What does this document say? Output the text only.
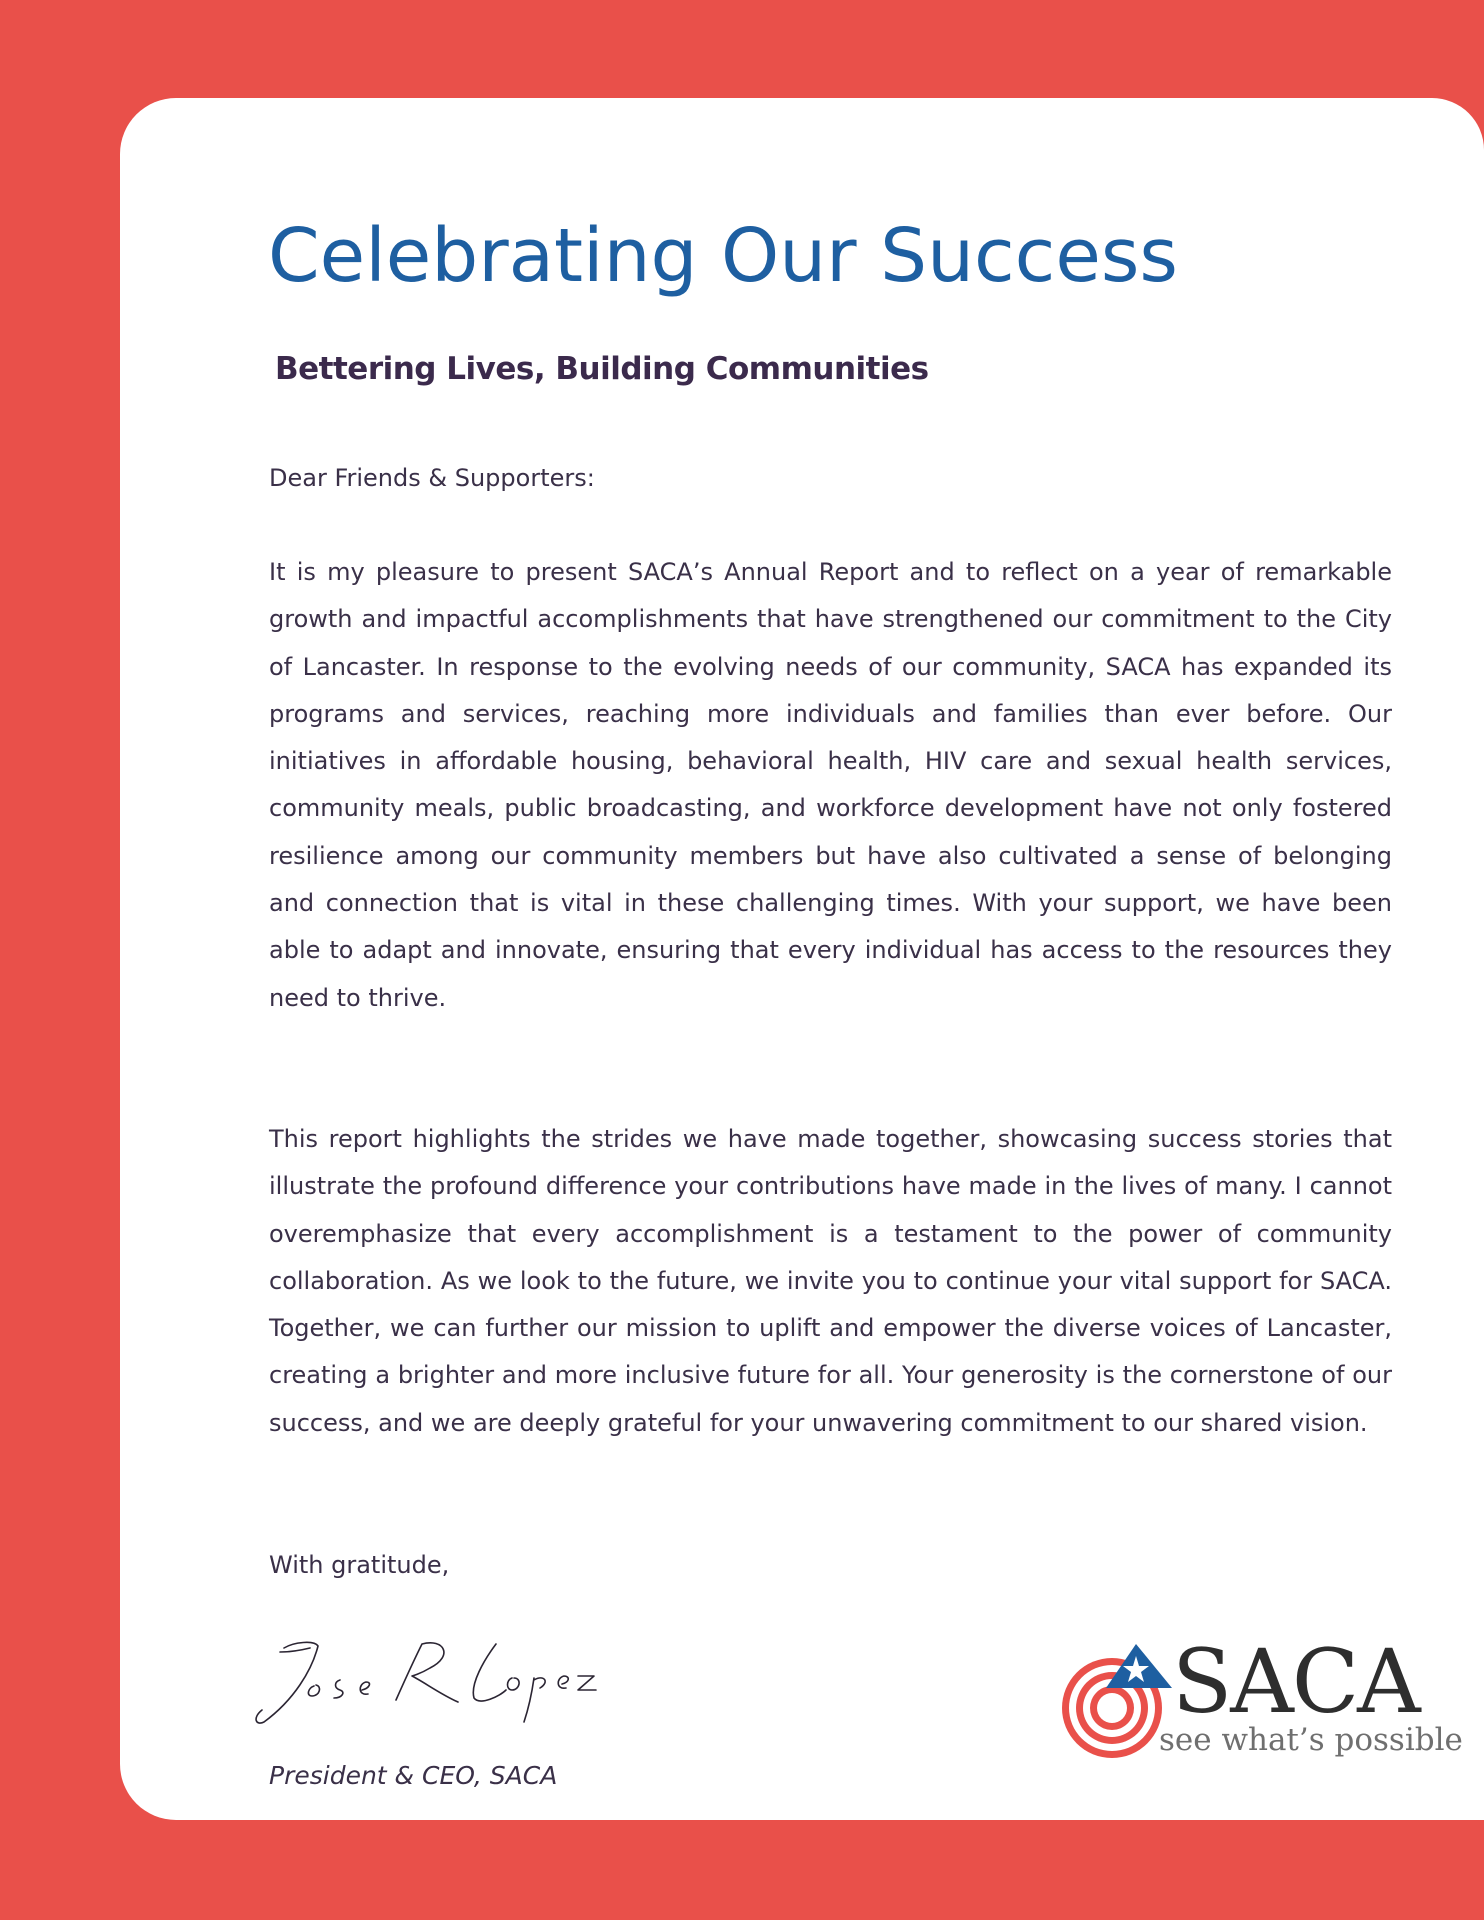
Celebrating Our Success
Bettering Lives, Building Communities

Dear Friends & Supporters:

It is my pleasure to present SACA’s Annual Report and to reflect on a year of remarkable growth and impactful accomplishments that have strengthened our commitment to the City of Lancaster. In response to the evolving needs of our community, SACA has expanded its programs and services, reaching more individuals and families than ever before. Our initiatives in affordable housing, behavioral health, HIV care and sexual health services, community meals, public broadcasting, and workforce development have not only fostered resilience among our community members but have also cultivated a sense of belonging and connection that is vital in these challenging times. With your support, we have been able to adapt and innovate, ensuring that every individual has access to the resources they need to thrive.

This report highlights the strides we have made together, showcasing success stories that illustrate the profound difference your contributions have made in the lives of many. I cannot overemphasize that every accomplishment is a testament to the power of community collaboration. As we look to the future, we invite you to continue your vital support for SACA. Together, we can further our mission to uplift and empower the diverse voices of Lancaster, creating a brighter and more inclusive future for all. Your generosity is the cornerstone of our success, and we are deeply grateful for your unwavering commitment to our shared vision.

With gratitude,

SACA

see what’s possible

President & CEO, SACA
